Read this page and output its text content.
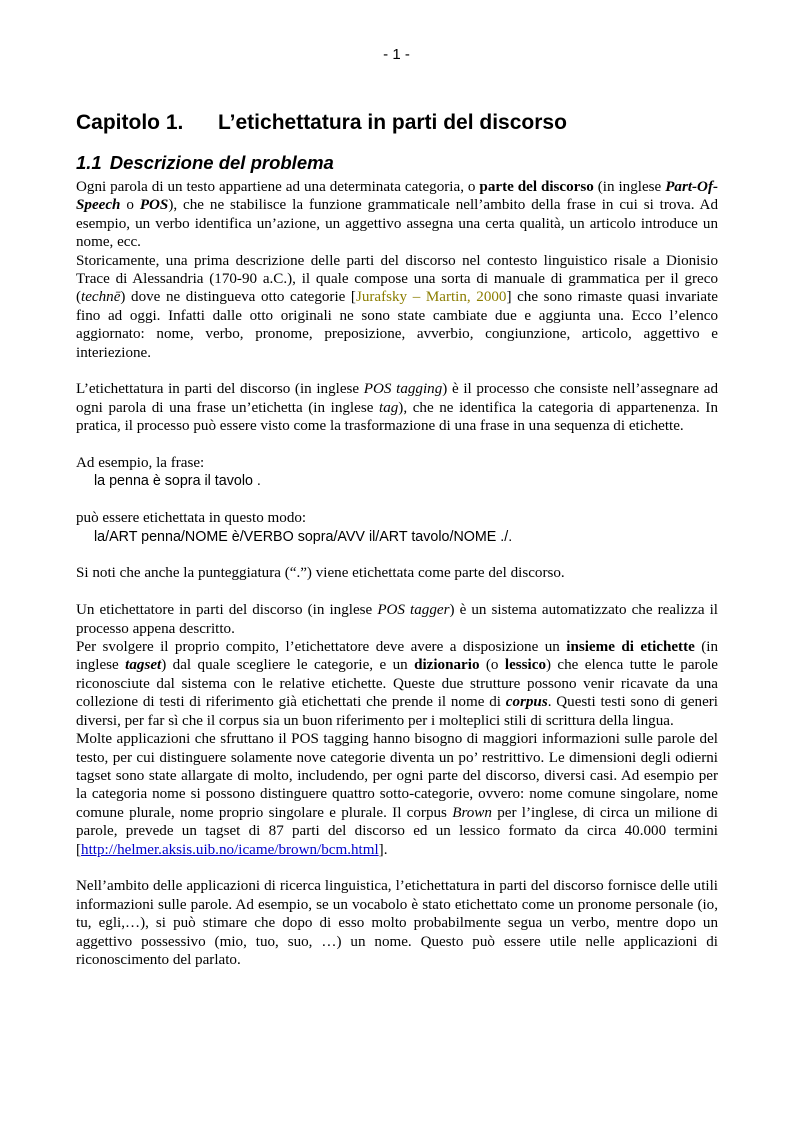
- 1 -
Capitolo 1. L’etichettatura in parti del discorso
1.1 Descrizione del problema

Ogni parola di un testo appartiene ad una determinata categoria, o parte del discorso (in inglese Part-Of-Speech o POS), che ne stabilisce la funzione grammaticale nell’ambito della frase in cui si trova. Ad esempio, un verbo identifica un’azione, un aggettivo assegna una certa qualità, un articolo introduce un nome, ecc.

Storicamente, una prima descrizione delle parti del discorso nel contesto linguistico risale a Dionisio Trace di Alessandria (170-90 a.C.), il quale compose una sorta di manuale di grammatica per il greco (technē) dove ne distingueva otto categorie [Jurafsky – Martin, 2000] che sono rimaste quasi invariate fino ad oggi. Infatti dalle otto originali ne sono state cambiate due e aggiunta una. Ecco l’elenco aggiornato: nome, verbo, pronome, preposizione, avverbio, congiunzione, articolo, aggettivo e interiezione.

L’etichettatura in parti del discorso (in inglese POS tagging) è il processo che consiste nell’assegnare ad ogni parola di una frase un’etichetta (in inglese tag), che ne identifica la categoria di appartenenza. In pratica, il processo può essere visto come la trasformazione di una frase in una sequenza di etichette.

Ad esempio, la frase:

la penna è sopra il tavolo .

può essere etichettata in questo modo:

la/ART penna/NOME è/VERBO sopra/AVV il/ART tavolo/NOME ./.

Si noti che anche la punteggiatura (“.”) viene etichettata come parte del discorso.

Un etichettatore in parti del discorso (in inglese POS tagger) è un sistema automatizzato che realizza il processo appena descritto.

Per svolgere il proprio compito, l’etichettatore deve avere a disposizione un insieme di etichette (in inglese tagset) dal quale scegliere le categorie, e un dizionario (o lessico) che elenca tutte le parole riconosciute dal sistema con le relative etichette. Queste due strutture possono venir ricavate da una collezione di testi di riferimento già etichettati che prende il nome di corpus. Questi testi sono di generi diversi, per far sì che il corpus sia un buon riferimento per i molteplici stili di scrittura della lingua.

Molte applicazioni che sfruttano il POS tagging hanno bisogno di maggiori informazioni sulle parole del testo, per cui distinguere solamente nove categorie diventa un po’ restrittivo. Le dimensioni degli odierni tagset sono state allargate di molto, includendo, per ogni parte del discorso, diversi casi. Ad esempio per la categoria nome si possono distinguere quattro sotto-categorie, ovvero: nome comune singolare, nome comune plurale, nome proprio singolare e plurale. Il corpus Brown per l’inglese, di circa un milione di parole, prevede un tagset di 87 parti del discorso ed un lessico formato da circa 40.000 termini [http://helmer.aksis.uib.no/icame/brown/bcm.html].

Nell’ambito delle applicazioni di ricerca linguistica, l’etichettatura in parti del discorso fornisce delle utili informazioni sulle parole. Ad esempio, se un vocabolo è stato etichettato come un pronome personale (io, tu, egli,…), si può stimare che dopo di esso molto probabilmente segua un verbo, mentre dopo un aggettivo possessivo (mio, tuo, suo, …) un nome. Questo può essere utile nelle applicazioni di riconoscimento del parlato.
